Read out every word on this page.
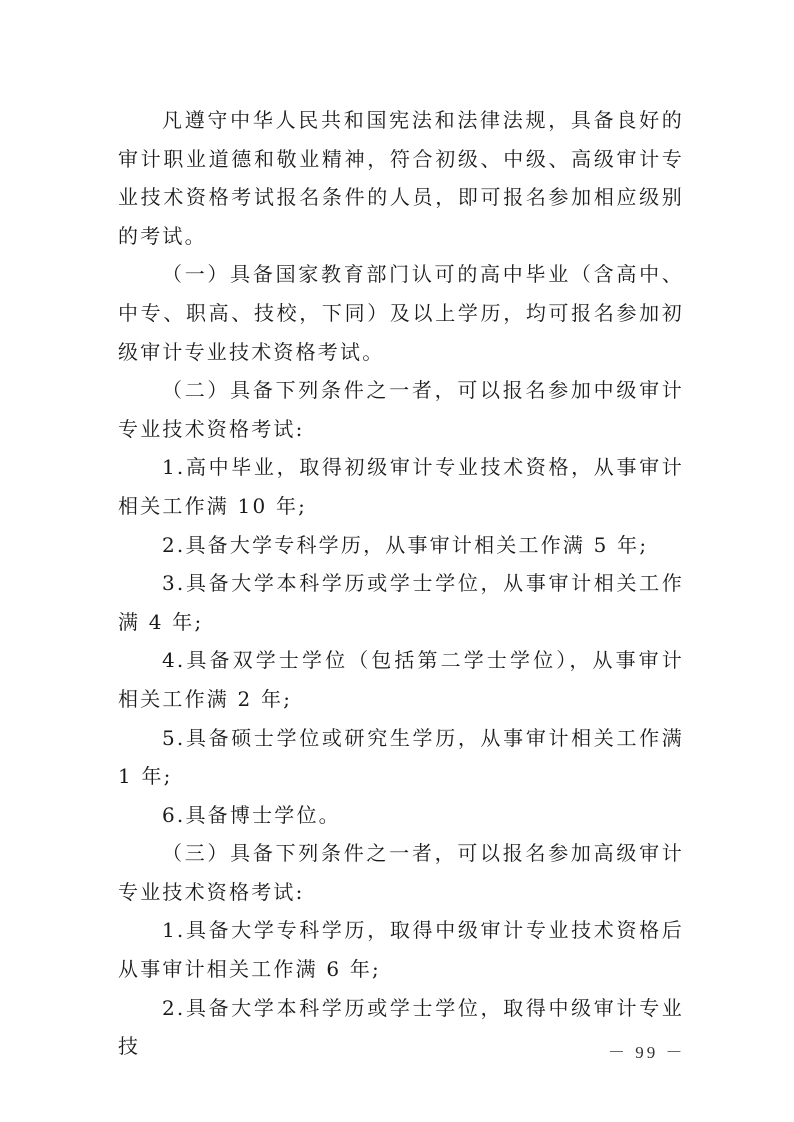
凡遵守中华人民共和国宪法和法律法规，具备良好的审计职业道德和敬业精神，符合初级、中级、高级审计专业技术资格考试报名条件的人员，即可报名参加相应级别的考试。

（一）具备国家教育部门认可的高中毕业（含高中、中专、职高、技校，下同）及以上学历，均可报名参加初级审计专业技术资格考试。

（二）具备下列条件之一者，可以报名参加中级审计专业技术资格考试:

1.高中毕业，取得初级审计专业技术资格，从事审计相关工作满 10 年;

2.具备大学专科学历，从事审计相关工作满 5 年;

3.具备大学本科学历或学士学位，从事审计相关工作满 4 年;

4.具备双学士学位（包括第二学士学位），从事审计相关工作满 2 年;

5.具备硕士学位或研究生学历，从事审计相关工作满 1 年;

6.具备博士学位。

（三）具备下列条件之一者，可以报名参加高级审计专业技术资格考试:

1.具备大学专科学历，取得中级审计专业技术资格后从事审计相关工作满 6 年;

2.具备大学本科学历或学士学位，取得中级审计专业技	－ 99 －
